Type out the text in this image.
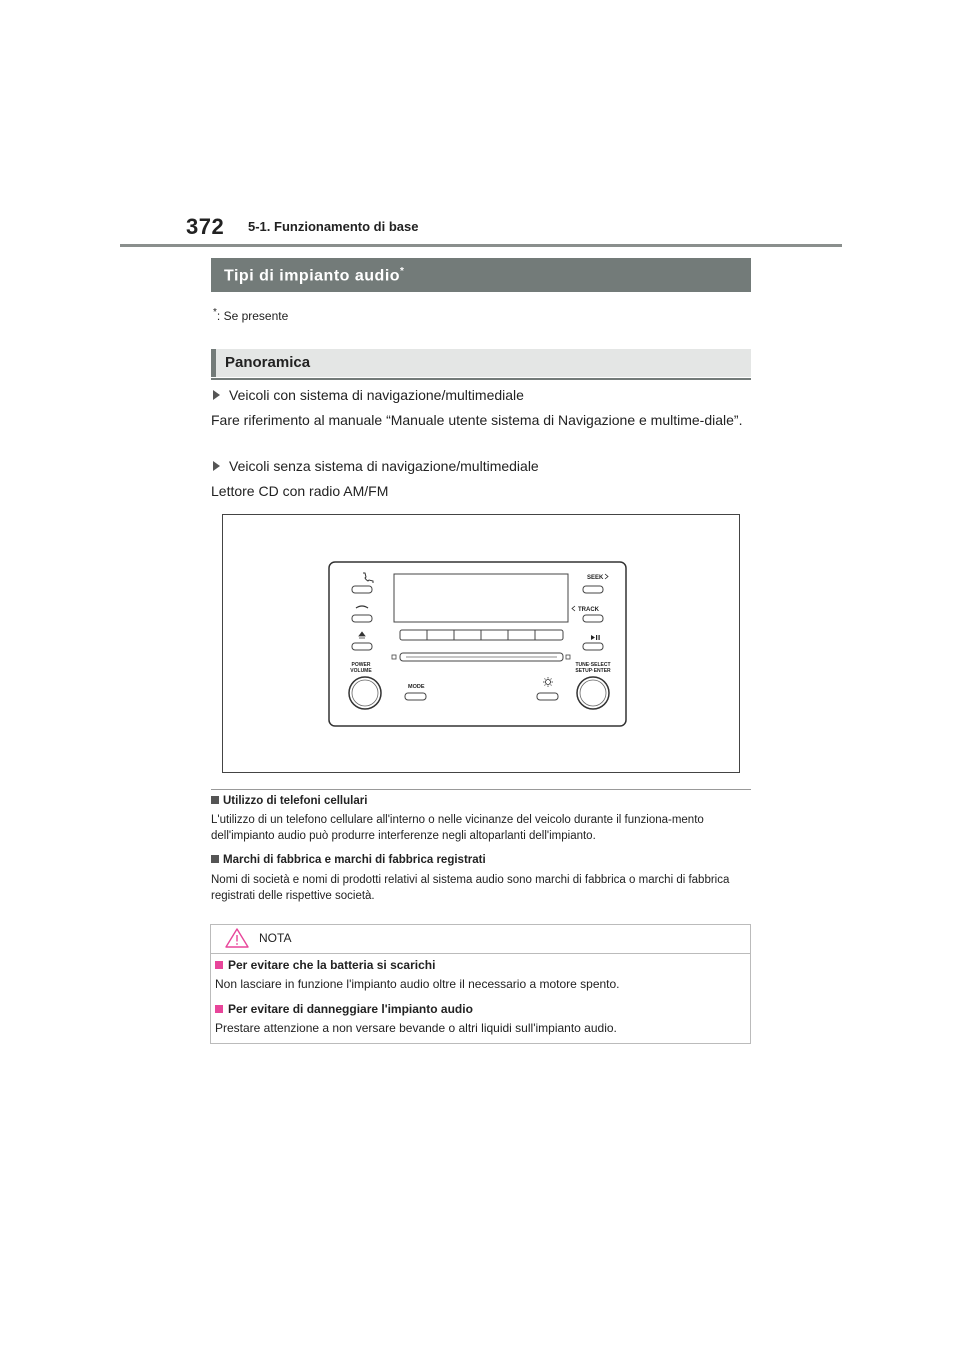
372 5-1. Funzionamento di base
Tipi di impianto audio*
*: Se presente
Panoramica
Veicoli con sistema di navigazione/multimediale
Fare riferimento al manuale “Manuale utente sistema di Navigazione e multime-diale”.
Veicoli senza sistema di navigazione/multimediale
Lettore CD con radio AM/FM
SEEK
TRACK
MODE
POWER
VOLUME
TUNE·SELECT
SETUP·ENTER
Utilizzo di telefoni cellulari
L'utilizzo di un telefono cellulare all'interno o nelle vicinanze del veicolo durante il funziona-mento dell'impianto audio può produrre interferenze negli altoparlanti dell'impianto.
Marchi di fabbrica e marchi di fabbrica registrati
Nomi di società e nomi di prodotti relativi al sistema audio sono marchi di fabbrica o marchi di fabbrica registrati delle rispettive società.
NOTA
Per evitare che la batteria si scarichi
Non lasciare in funzione l'impianto audio oltre il necessario a motore spento.
Per evitare di danneggiare l'impianto audio
Prestare attenzione a non versare bevande o altri liquidi sull'impianto audio.
